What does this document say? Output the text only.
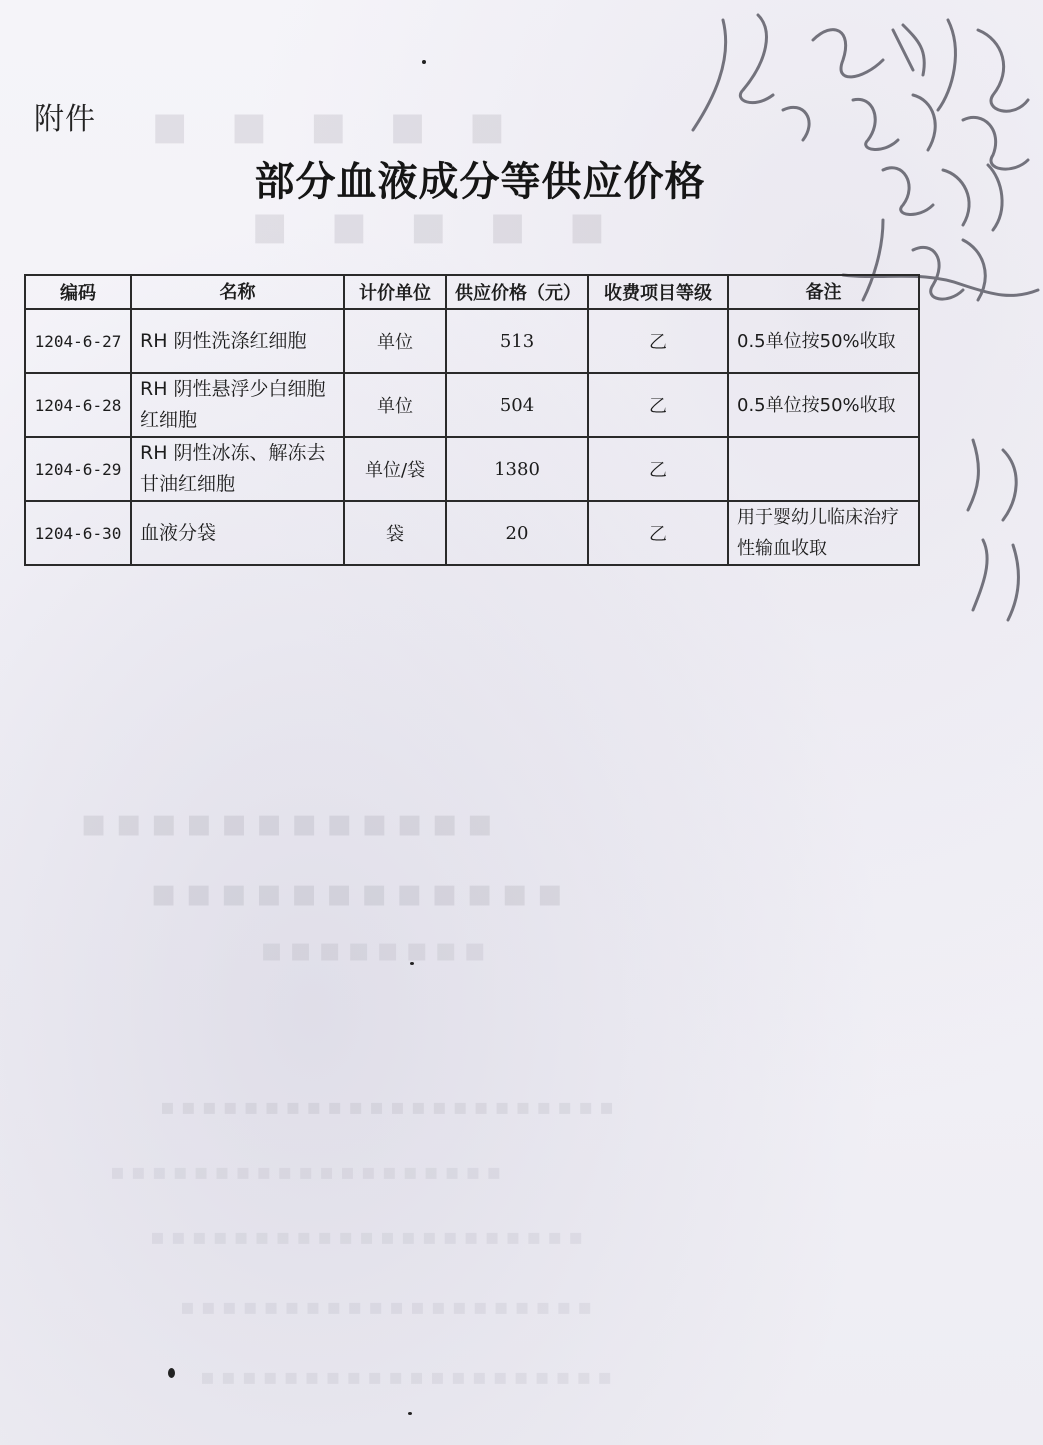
▪▪▪▪▪
▪▪▪▪▪
▪▪▪▪▪▪▪▪▪▪▪▪
▪▪▪▪▪▪▪▪▪▪▪▪
▪▪▪▪▪▪▪▪
▪▪▪▪▪▪▪▪▪▪▪▪▪▪▪▪▪▪▪▪▪▪
▪▪▪▪▪▪▪▪▪▪▪▪▪▪▪▪▪▪▪
▪▪▪▪▪▪▪▪▪▪▪▪▪▪▪▪▪▪▪▪▪
▪▪▪▪▪▪▪▪▪▪▪▪▪▪▪▪▪▪▪▪
▪▪▪▪▪▪▪▪▪▪▪▪▪▪▪▪▪▪▪▪
附件
部分血液成分等供应价格
编码	名称	计价单位	供应价格（元）	收费项目等级	备注
1204-6-27	RH 阴性洗涤红细胞	单位	513	乙	0.5单位按50%收取
1204-6-28	RH 阴性悬浮少白细胞红细胞	单位	504	乙	0.5单位按50%收取
1204-6-29	RH 阴性冰冻、解冻去甘油红细胞	单位/袋	1380	乙	
1204-6-30	血液分袋	袋	20	乙	用于婴幼儿临床治疗性输血收取
